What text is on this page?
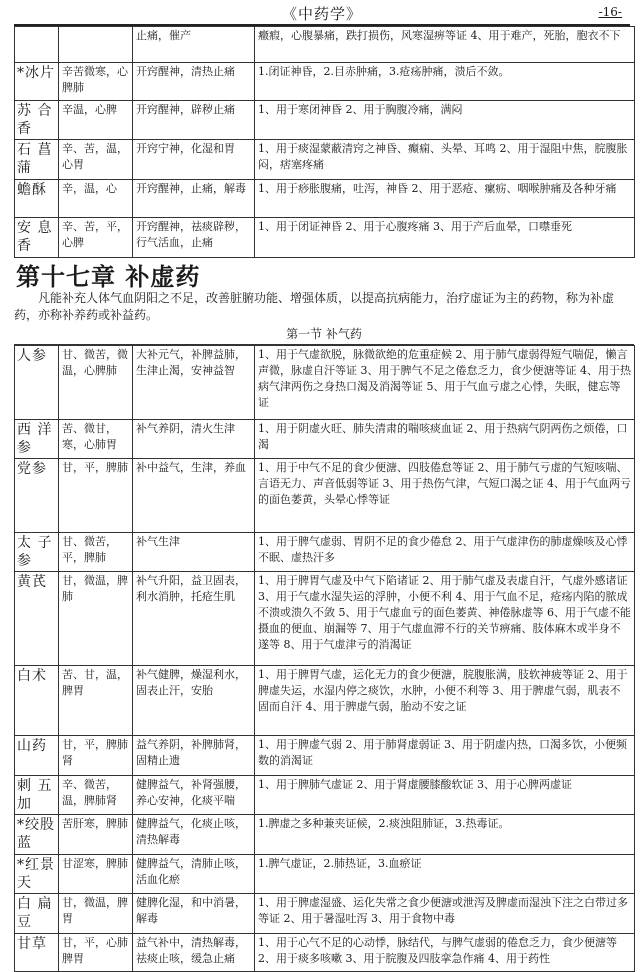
《中药学》	-16-
		止痛，催产	癥瘕，心腹暴痛，跌打损伤，风寒湿痹等证 4、用于难产，死胎，胞衣不下
*冰片	辛苦微寒，心脾肺	开窍醒神，清热止痛	1.闭证神昏，2.目赤肿痛，3.疮疡肿痛，溃后不敛。
苏 合 香	辛温，心脾	开窍醒神，辟秽止痛	1、用于寒闭神昏 2、用于胸腹冷痛，满闷
石 菖 蒲	辛、苦，温，心胃	开窍宁神，化湿和胃	1、用于痰湿蒙蔽清窍之神昏、癫痫、头晕、耳鸣 2、用于湿阻中焦，脘腹胀闷，痞塞疼痛
蟾酥	辛，温，心	开窍醒神，止痛，解毒	1、用于痧胀腹痛，吐泻，神昏 2、用于恶疮、瘰疬、咽喉肿痛及各种牙痛
安 息 香	辛、苦，平，心脾	开窍醒神，祛痰辟秽，行气活血，止痛	1、用于闭证神昏 2、用于心腹疼痛 3、用于产后血晕，口噤垂死
第十七章 补虚药
凡能补充人体气血阴阳之不足，改善脏腑功能、增强体质，以提高抗病能力，治疗虚证为主的药物，称为补虚药，亦称补养药或补益药。
第一节 补气药
人参	甘、微苦，微温，心脾肺	大补元气，补脾益肺，生津止渴，安神益智	1、用于气虚欲脱，脉微欲绝的危重症候 2、用于肺气虚弱得短气喘促，懒言声微，脉虚自汗等证 3、用于脾气不足之倦怠乏力，食少便溏等证 4、用于热病气津两伤之身热口渴及消渴等证 5、用于气血亏虚之心悸，失眠，健忘等证
西 洋 参	苦、微甘，寒，心肺胃	补气养阴，清火生津	1、用于阴虚火旺、肺失清肃的喘咳痰血证 2、用于热病气阴两伤之烦倦，口渴
党参	甘，平，脾肺	补中益气，生津，养血	1、用于中气不足的食少便溏、四肢倦怠等证 2、用于肺气亏虚的气短咳喘、言语无力、声音低弱等证 3、用于热伤气津，气短口渴之证 4、用于气血两亏的面色萎黄，头晕心悸等证
太 子 参	甘、微苦，平，脾肺	补气生津	1、用于脾气虚弱、胃阴不足的食少倦怠 2、用于气虚津伤的肺虚燥咳及心悸不眠、虚热汗多
黄芪	甘，微温，脾肺	补气升阳，益卫固表，利水消肿，托疮生肌	1、用于脾胃气虚及中气下陷诸证 2、用于肺气虚及表虚自汗，气虚外感诸证 3、用于气虚水湿失运的浮肿，小便不利 4、用于气血不足，疮疡内陷的脓成不溃或溃久不敛 5、用于气虚血亏的面色萎黄、神倦脉虚等 6、用于气虚不能摄血的便血、崩漏等 7、用于气虚血滞不行的关节痹痛、肢体麻木或半身不遂等 8、用于气虚津亏的消渴证
白术	苦、甘，温，脾胃	补气健脾，燥湿利水，固表止汗，安胎	1、用于脾胃气虚，运化无力的食少便溏，脘腹胀满，肢软神疲等证 2、用于脾虚失运，水湿内停之痰饮，水肿，小便不利等 3、用于脾虚气弱，肌表不固而自汗 4、用于脾虚气弱，胎动不安之证
山药	甘，平，脾肺肾	益气养阴，补脾肺肾，固精止遗	1、用于脾虚气弱 2、用于肺肾虚弱证 3、用于阴虚内热，口渴多饮，小便频数的消渴证
刺 五 加	辛、微苦，温，脾肺肾	健脾益气，补肾强腰，养心安神，化痰平喘	1、用于脾肺气虚证 2、用于肾虚腰膝酸软证 3、用于心脾两虚证
*绞股蓝	苦肝寒，脾肺	健脾益气，化痰止咳，清热解毒	1.脾虚之多种兼夹证候，2.痰浊阻肺证，3.热毒证。
*红景天	甘涩寒，脾肺	健脾益气，清肺止咳，活血化瘀	1.脾气虚证，2.肺热证，3.血瘀证
白 扁 豆	甘，微温，脾胃	健脾化湿，和中消暑，解毒	1、用于脾虚湿盛、运化失常之食少便溏或泄泻及脾虚而湿浊下注之白带过多等证 2、用于暑湿吐泻 3、用于食物中毒
甘草	甘，平，心肺脾胃	益气补中，清热解毒，祛痰止咳，缓急止痛	1、用于心气不足的心动悸，脉结代，与脾气虚弱的倦怠乏力，食少便溏等 2、用于痰多咳嗽 3、用于脘腹及四肢挛急作痛 4、用于药性
